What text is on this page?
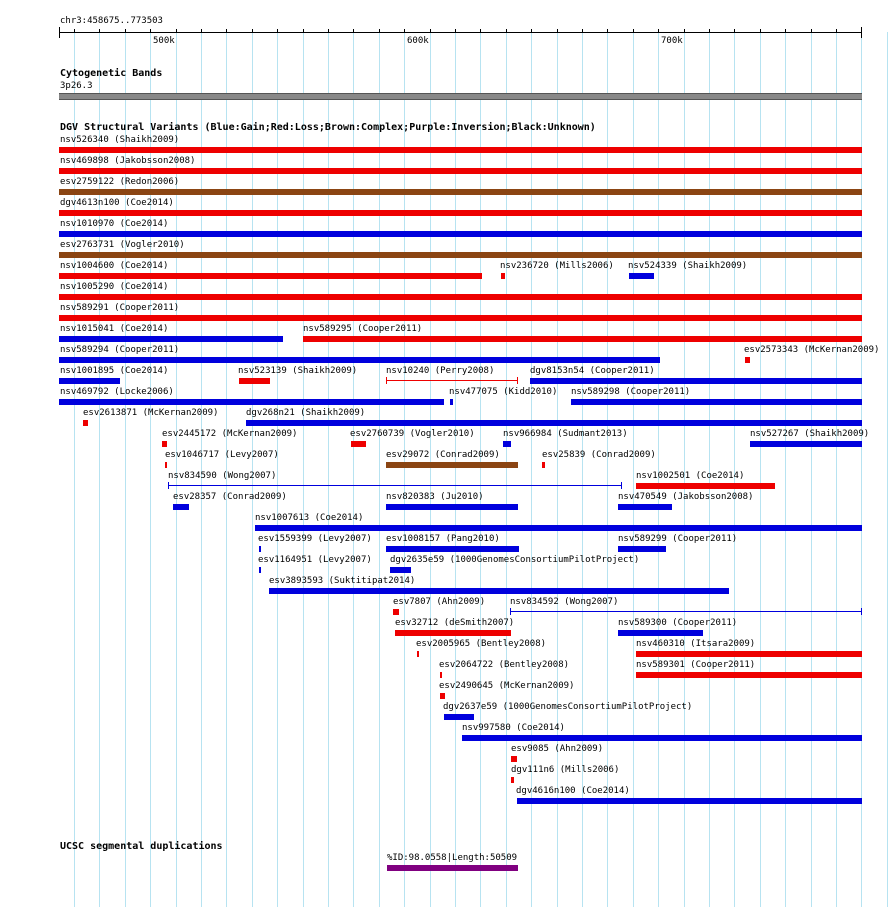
chr3:458675..773503
500k	600k	700k
Cytogenetic Bands
3p26.3
DGV Structural Variants (Blue:Gain;Red:Loss;Brown:Complex;Purple:Inversion;Black:Unknown)
nsv526340 (Shaikh2009)
nsv469898 (Jakobsson2008)
esv2759122 (Redon2006)
dgv4613n100 (Coe2014)
nsv1010970 (Coe2014)
esv2763731 (Vogler2010)
nsv1004600 (Coe2014)	nsv236720 (Mills2006) nsv524339 (Shaikh2009)
nsv1005290 (Coe2014)
nsv589291 (Cooper2011)
nsv1015041 (Coe2014)	nsv589295 (Cooper2011)
nsv589294 (Cooper2011)	esv2573343 (McKernan2009)
nsv1001895 (Coe2014)	nsv523139 (Shaikh2009)	nsv10240 (Perry2008)	dgv8153n54 (Cooper2011)
nsv469792 (Locke2006)	nsv477075 (Kidd2010) nsv589298 (Cooper2011)
esv2613871 (McKernan2009)	dgv268n21 (Shaikh2009)
esv2445172 (McKernan2009)	esv2760739 (Vogler2010)	nsv966984 (Sudmant2013)	nsv527267 (Shaikh2009)
esv1046717 (Levy2007)	esv29072 (Conrad2009)	esv25839 (Conrad2009)
nsv834590 (Wong2007)	nsv1002501 (Coe2014)
esv28357 (Conrad2009)	nsv820383 (Ju2010)	nsv470549 (Jakobsson2008)
nsv1007613 (Coe2014)
esv1559399 (Levy2007) esv1008157 (Pang2010)	nsv589299 (Cooper2011)
esv1164951 (Levy2007) dgv2635e59 (1000GenomesConsortiumPilotProject)
esv3893593 (Suktitipat2014)
esv7807 (Ahn2009)	nsv834592 (Wong2007)
esv32712 (deSmith2007)	nsv589300 (Cooper2011)
esv2005965 (Bentley2008)	nsv460310 (Itsara2009)
esv2064722 (Bentley2008)	nsv589301 (Cooper2011)
esv2490645 (McKernan2009)
dgv2637e59 (1000GenomesConsortiumPilotProject)
nsv997580 (Coe2014)
esv9085 (Ahn2009)
dgv111n6 (Mills2006)
dgv4616n100 (Coe2014)
UCSC segmental duplications
%ID:98.0558|Length:50509
